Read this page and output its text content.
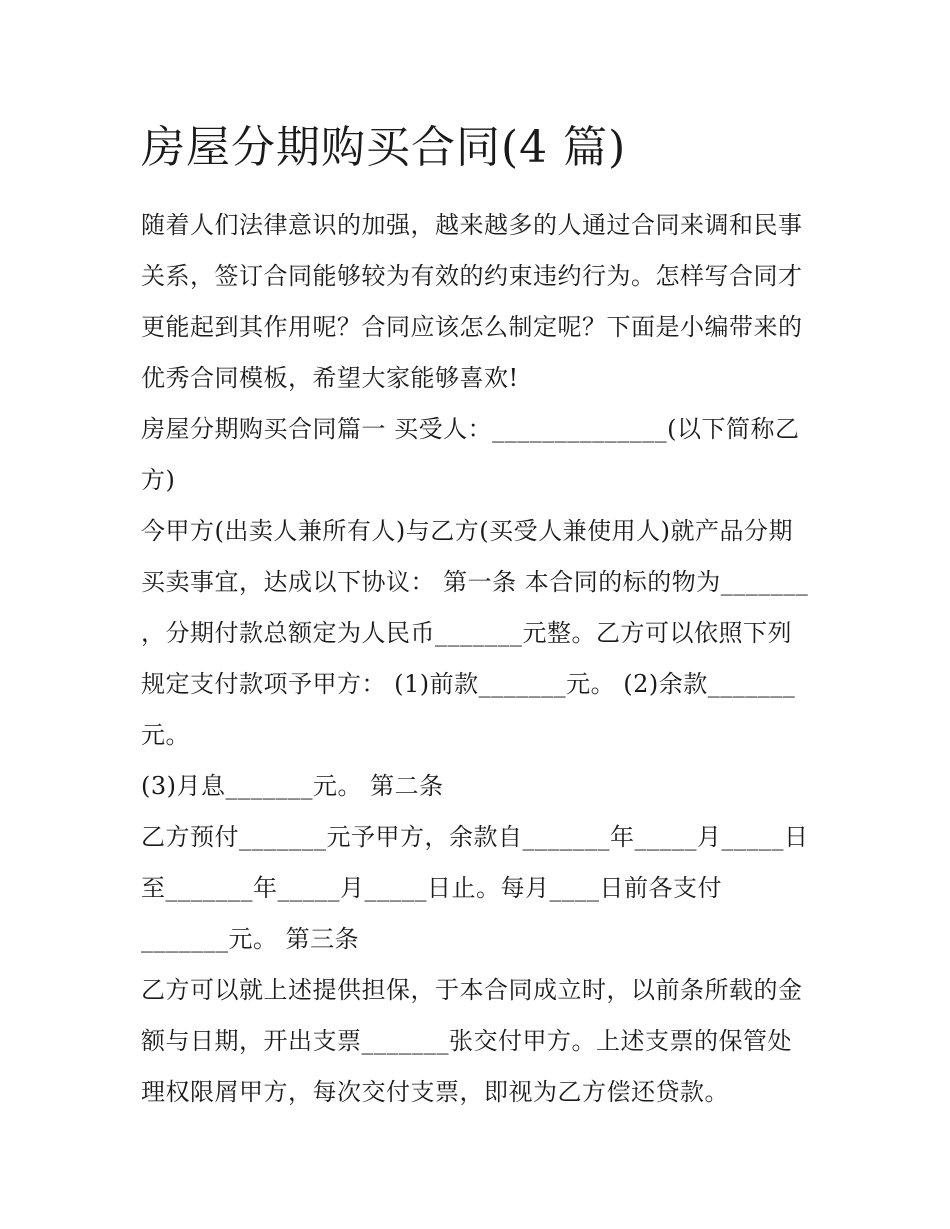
房屋分期购买合同(4 篇)
随着人们法律意识的加强，越来越多的人通过合同来调和民事
关系，签订合同能够较为有效的约束违约行为。怎样写合同才
更能起到其作用呢？合同应该怎么制定呢？下面是小编带来的
优秀合同模板，希望大家能够喜欢!
房屋分期购买合同篇一 买受人：______________(以下简称乙
方)
今甲方(出卖人兼所有人)与乙方(买受人兼使用人)就产品分期
买卖事宜，达成以下协议： 第一条 本合同的标的物为_______
，分期付款总额定为人民币_______元整。乙方可以依照下列
规定支付款项予甲方： (1)前款_______元。 (2)余款_______
元。
(3)月息_______元。 第二条
乙方预付_______元予甲方，余款自_______年_____月_____日
至_______年_____月_____日止。每月____日前各支付
_______元。 第三条
乙方可以就上述提供担保，于本合同成立时，以前条所载的金
额与日期，开出支票_______张交付甲方。上述支票的保管处
理权限屑甲方，每次交付支票，即视为乙方偿还贷款。
